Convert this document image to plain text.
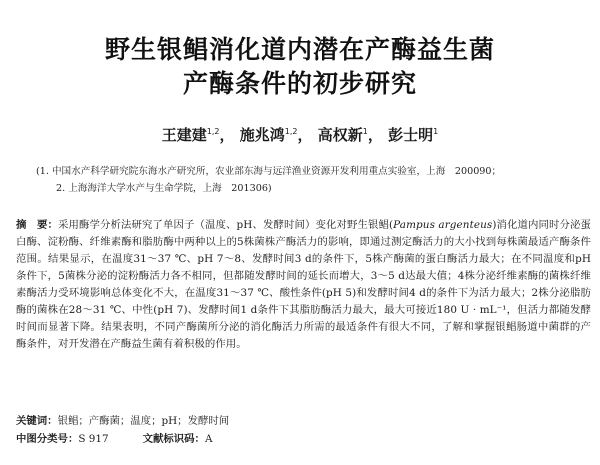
野生银鲳消化道内潜在产酶益生菌
产酶条件的初步研究
王建建$^{1,2}$， 施兆鸿$^{1,2}$， 高权新$^1$， 彭士明$^1$
(1. 中国水产科学研究院东海水产研究所，农业部东海与远洋渔业资源开发利用重点实验室，上海　200090；
2. 上海海洋大学水产与生命学院，上海　201306)
摘　要：采用酶学分析法研究了单因子（温度、pH、发酵时间）变化对野生银鲳(Pampus argenteus)消化道内同时分泌蛋白酶、淀粉酶、纤维素酶和脂肪酶中两种以上的5株菌株产酶活力的影响，即通过测定酶活力的大小找到每株菌最适产酶条件范围。结果显示，在温度31～37 ℃、pH 7～8、发酵时间3 d的条件下，5株产酶菌的蛋白酶活力最大；在不同温度和pH条件下，5菌株分泌的淀粉酶活力各不相同，但都随发酵时间的延长而增大，3～5 d达最大值；4株分泌纤维素酶的菌株纤维素酶活力受环境影响总体变化不大，在温度31～37 ℃、酸性条件(pH 5)和发酵时间4 d的条件下为活力最大；2株分泌脂肪酶的菌株在28～31 ℃、中性(pH 7)、发酵时间1 d条件下其脂肪酶活力最大，最大可接近180 U · mL⁻¹，但活力都随发酵时间而显著下降。结果表明，不同产酶菌所分泌的消化酶活力所需的最适条件有很大不同，了解和掌握银鲳肠道中菌群的产酶条件，对开发潜在产酶益生菌有着积极的作用。
关键词：银鲳；产酶菌；温度；pH；发酵时间
中图分类号：S 917	文献标识码：A
